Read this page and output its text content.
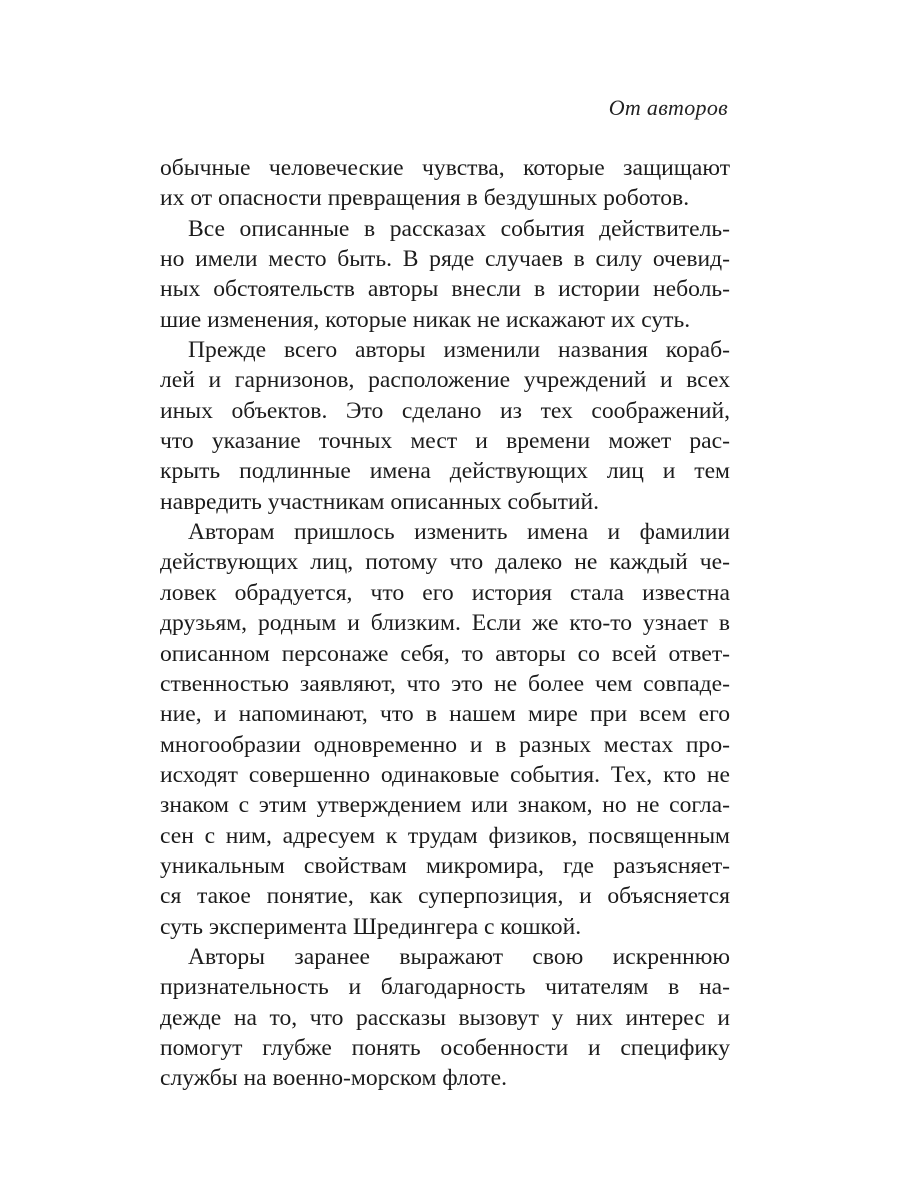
От авторов
обычные человеческие чувства, которые защищают
их от опасности превращения в бездушных роботов.
Все описанные в рассказах события действитель-
но имели место быть. В ряде случаев в силу очевид-
ных обстоятельств авторы внесли в истории неболь-
шие изменения, которые никак не искажают их суть.
Прежде всего авторы изменили названия кораб-
лей и гарнизонов, расположение учреждений и всех
иных объектов. Это сделано из тех соображений,
что указание точных мест и времени может рас-
крыть подлинные имена действующих лиц и тем
навредить участникам описанных событий.
Авторам пришлось изменить имена и фамилии
действующих лиц, потому что далеко не каждый че-
ловек обрадуется, что его история стала известна
друзьям, родным и близким. Если же кто-то узнает в
описанном персонаже себя, то авторы со всей ответ-
ственностью заявляют, что это не более чем совпаде-
ние, и напоминают, что в нашем мире при всем его
многообразии одновременно и в разных местах про-
исходят совершенно одинаковые события. Тех, кто не
знаком с этим утверждением или знаком, но не согла-
сен с ним, адресуем к трудам физиков, посвященным
уникальным свойствам микромира, где разъясняет-
ся такое понятие, как суперпозиция, и объясняется
суть эксперимента Шредингера с кошкой.
Авторы заранее выражают свою искреннюю
признательность и благодарность читателям в на-
дежде на то, что рассказы вызовут у них интерес и
помогут глубже понять особенности и специфику
службы на военно-морском флоте.
